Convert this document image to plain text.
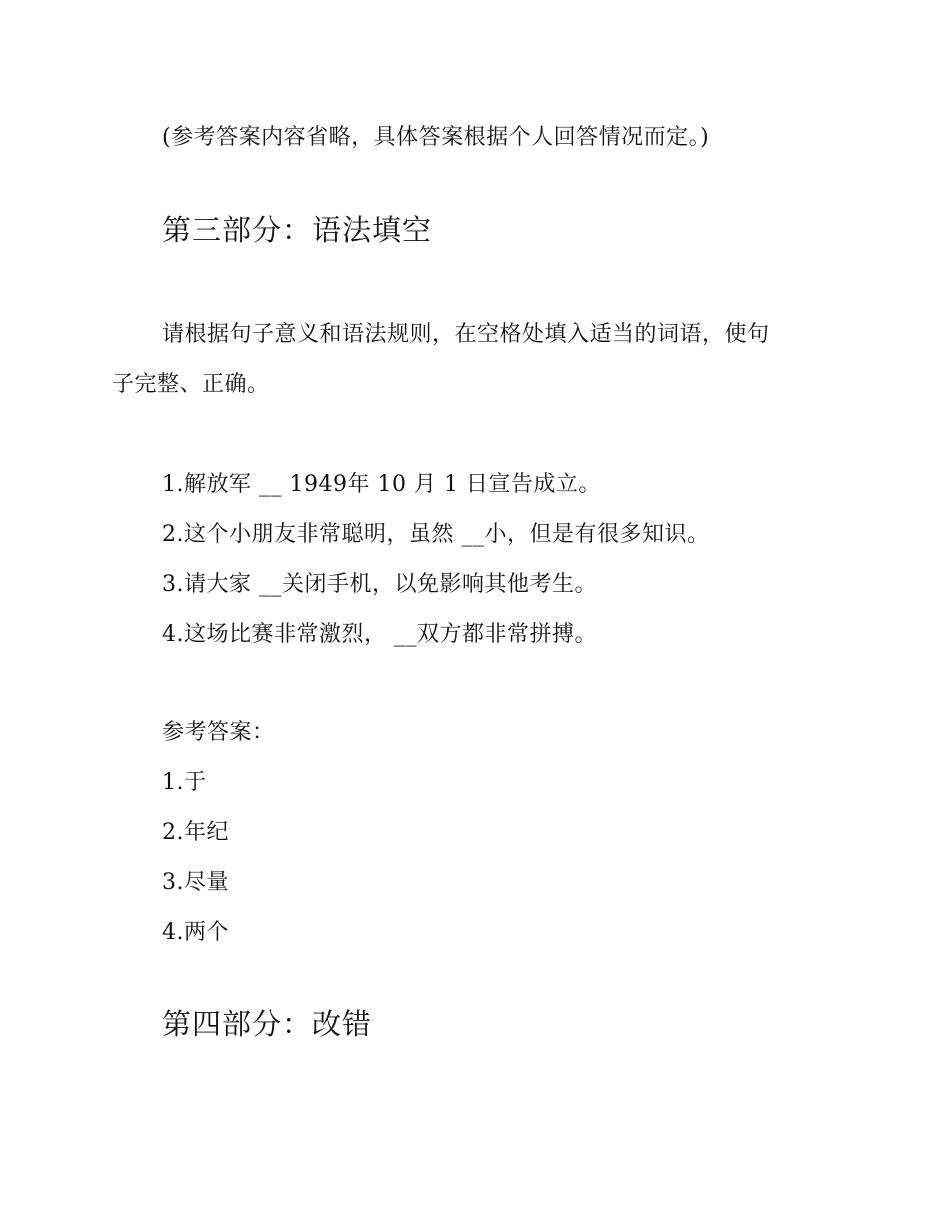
(参考答案内容省略，具体答案根据个人回答情况而定。)
第三部分：语法填空
请根据句子意义和语法规则，在空格处填入适当的词语，使句
子完整、正确。
1.解放军 __ 1949年 10 月 1 日宣告成立。
2.这个小朋友非常聪明，虽然 __小，但是有很多知识。
3.请大家 __关闭手机，以免影响其他考生。
4.这场比赛非常激烈， __双方都非常拼搏。
参考答案：
1.于
2.年纪
3.尽量
4.两个
第四部分：改错
